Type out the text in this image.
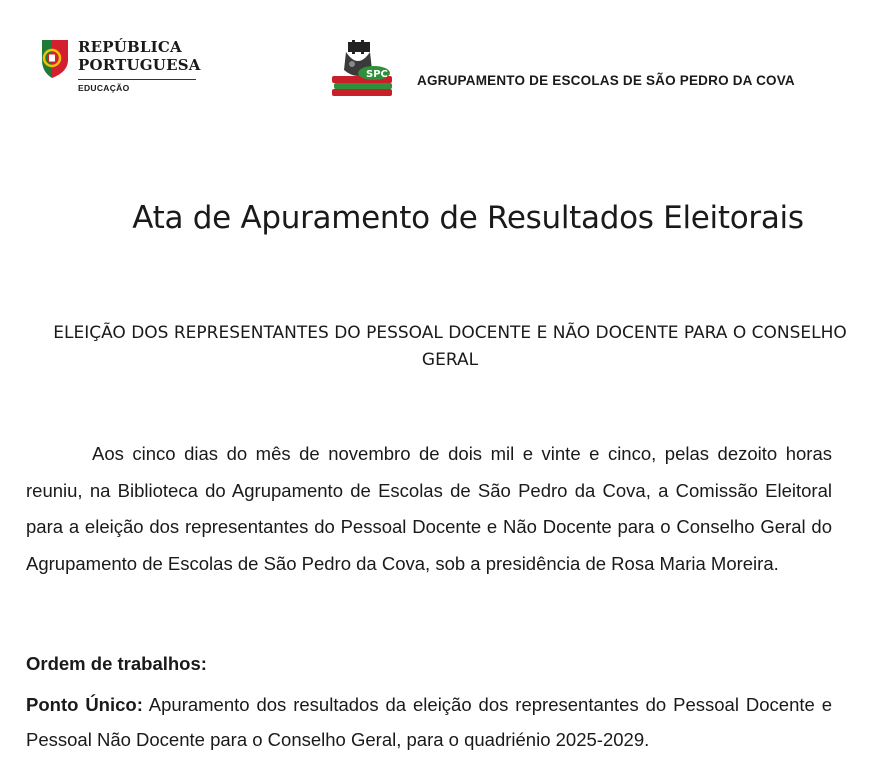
REPÚBLICA
PORTUGUESA
EDUCAÇÃO
SPC AGRUPAMENTO DE ESCOLAS DE SÃO PEDRO DA COVA
Ata de Apuramento de Resultados Eleitorais
ELEIÇÃO DOS REPRESENTANTES DO PESSOAL DOCENTE E NÃO DOCENTE PARA O CONSELHO GERAL

Aos cinco dias do mês de novembro de dois mil e vinte e cinco, pelas dezoito horas reuniu, na Biblioteca do Agrupamento de Escolas de São Pedro da Cova, a Comissão Eleitoral para a eleição dos representantes do Pessoal Docente e Não Docente para o Conselho Geral do Agrupamento de Escolas de São Pedro da Cova, sob a presidência de Rosa Maria Moreira.

Ordem de trabalhos:

Ponto Único: Apuramento dos resultados da eleição dos representantes do Pessoal Docente e Pessoal Não Docente para o Conselho Geral, para o quadriénio 2025-2029.
